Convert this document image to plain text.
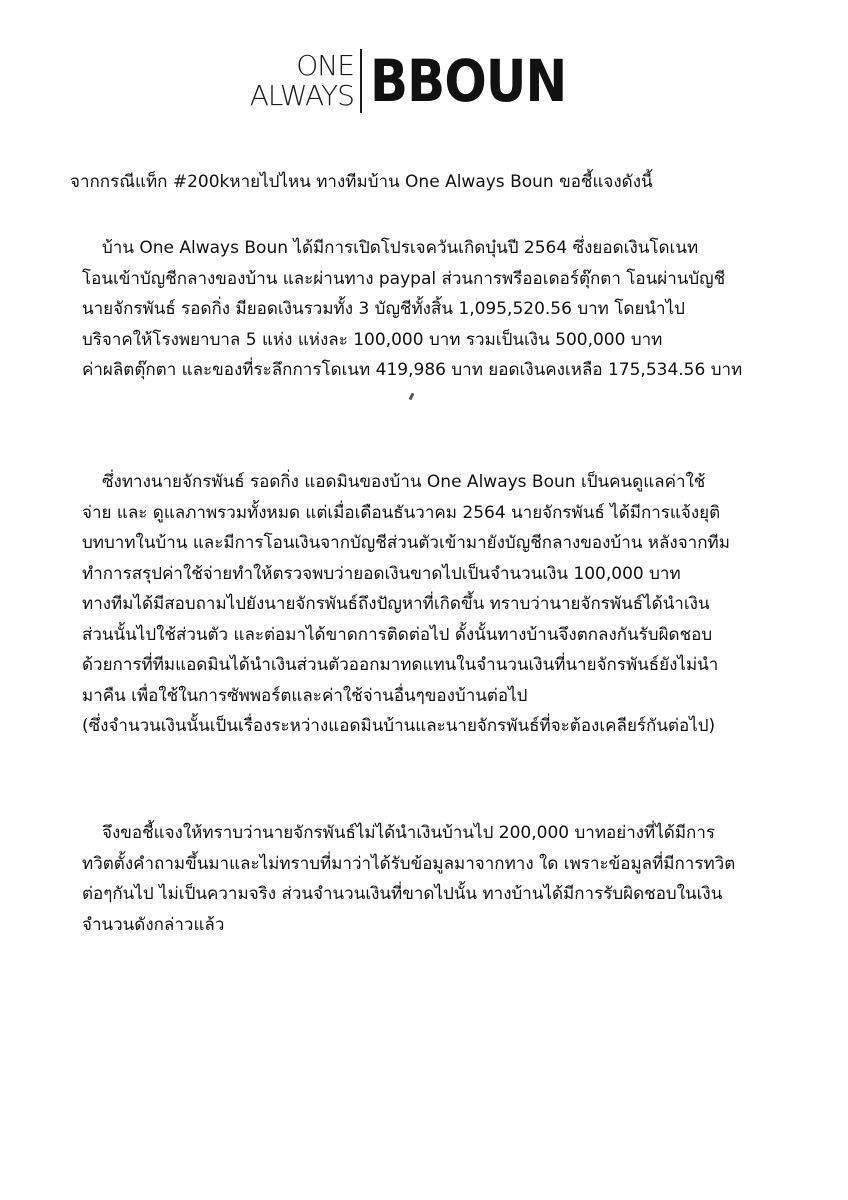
ONE
ALWAYS BBOUN
จากกรณีแท็ก #200kหายไปไหน ทางทีมบ้าน One Always Boun ขอชี้แจงดังนี้
บ้าน One Always Boun ได้มีการเปิดโปรเจควันเกิดบุ๋นปี 2564 ซึ่งยอดเงินโดเนท
โอนเข้าบัญชีกลางของบ้าน และผ่านทาง paypal ส่วนการพรีออเดอร์ตุ๊กตา โอนผ่านบัญชี
นายจักรพันธ์ รอดกิ่ง มียอดเงินรวมทั้ง 3 บัญชีทั้งสิ้น 1,095,520.56 บาท โดยนำไป
บริจาคให้โรงพยาบาล 5 แห่ง แห่งละ 100,000 บาท รวมเป็นเงิน 500,000 บาท
ค่าผลิตตุ๊กตา และของที่ระลึกการโดเนท 419,986 บาท ยอดเงินคงเหลือ 175,534.56 บาท
ซึ่งทางนายจักรพันธ์ รอดกิ่ง แอดมินของบ้าน One Always Boun เป็นคนดูแลค่าใช้
จ่าย และ ดูแลภาพรวมทั้งหมด แต่เมื่อเดือนธันวาคม 2564 นายจักรพันธ์ ได้มีการแจ้งยุติ
บทบาทในบ้าน และมีการโอนเงินจากบัญชีส่วนตัวเข้ามายังบัญชีกลางของบ้าน หลังจากทีม
ทำการสรุปค่าใช้จ่ายทำให้ตรวจพบว่ายอดเงินขาดไปเป็นจำนวนเงิน 100,000 บาท
ทางทีมได้มีสอบถามไปยังนายจักรพันธ์ถึงปัญหาที่เกิดขึ้น ทราบว่านายจักรพันธ์ได้นำเงิน
ส่วนนั้นไปใช้ส่วนตัว และต่อมาได้ขาดการติดต่อไป ดั้งนั้นทางบ้านจึงตกลงกันรับผิดชอบ
ด้วยการที่ทีมแอดมินได้นำเงินส่วนตัวออกมาทดแทนในจำนวนเงินที่นายจักรพันธ์ยังไม่นำ
มาคืน เพื่อใช้ในการซัพพอร์ตและค่าใช้จ่านอื่นๆของบ้านต่อไป
(ซึ่งจำนวนเงินนั้นเป็นเรื่องระหว่างแอดมินบ้านและนายจักรพันธ์ที่จะต้องเคลียร์กันต่อไป)
จึงขอชี้แจงให้ทราบว่านายจักรพันธ์ไม่ได้นำเงินบ้านไป 200,000 บาทอย่างที่ได้มีการ
ทวิตตั้งคำถามขึ้นมาและไม่ทราบที่มาว่าได้รับข้อมูลมาจากทาง ใด เพราะข้อมูลที่มีการทวิต
ต่อๆกันไป ไม่เป็นความจริง ส่วนจำนวนเงินที่ขาดไปนั้น ทางบ้านได้มีการรับผิดชอบในเงิน
จำนวนดังกล่าวแล้ว
